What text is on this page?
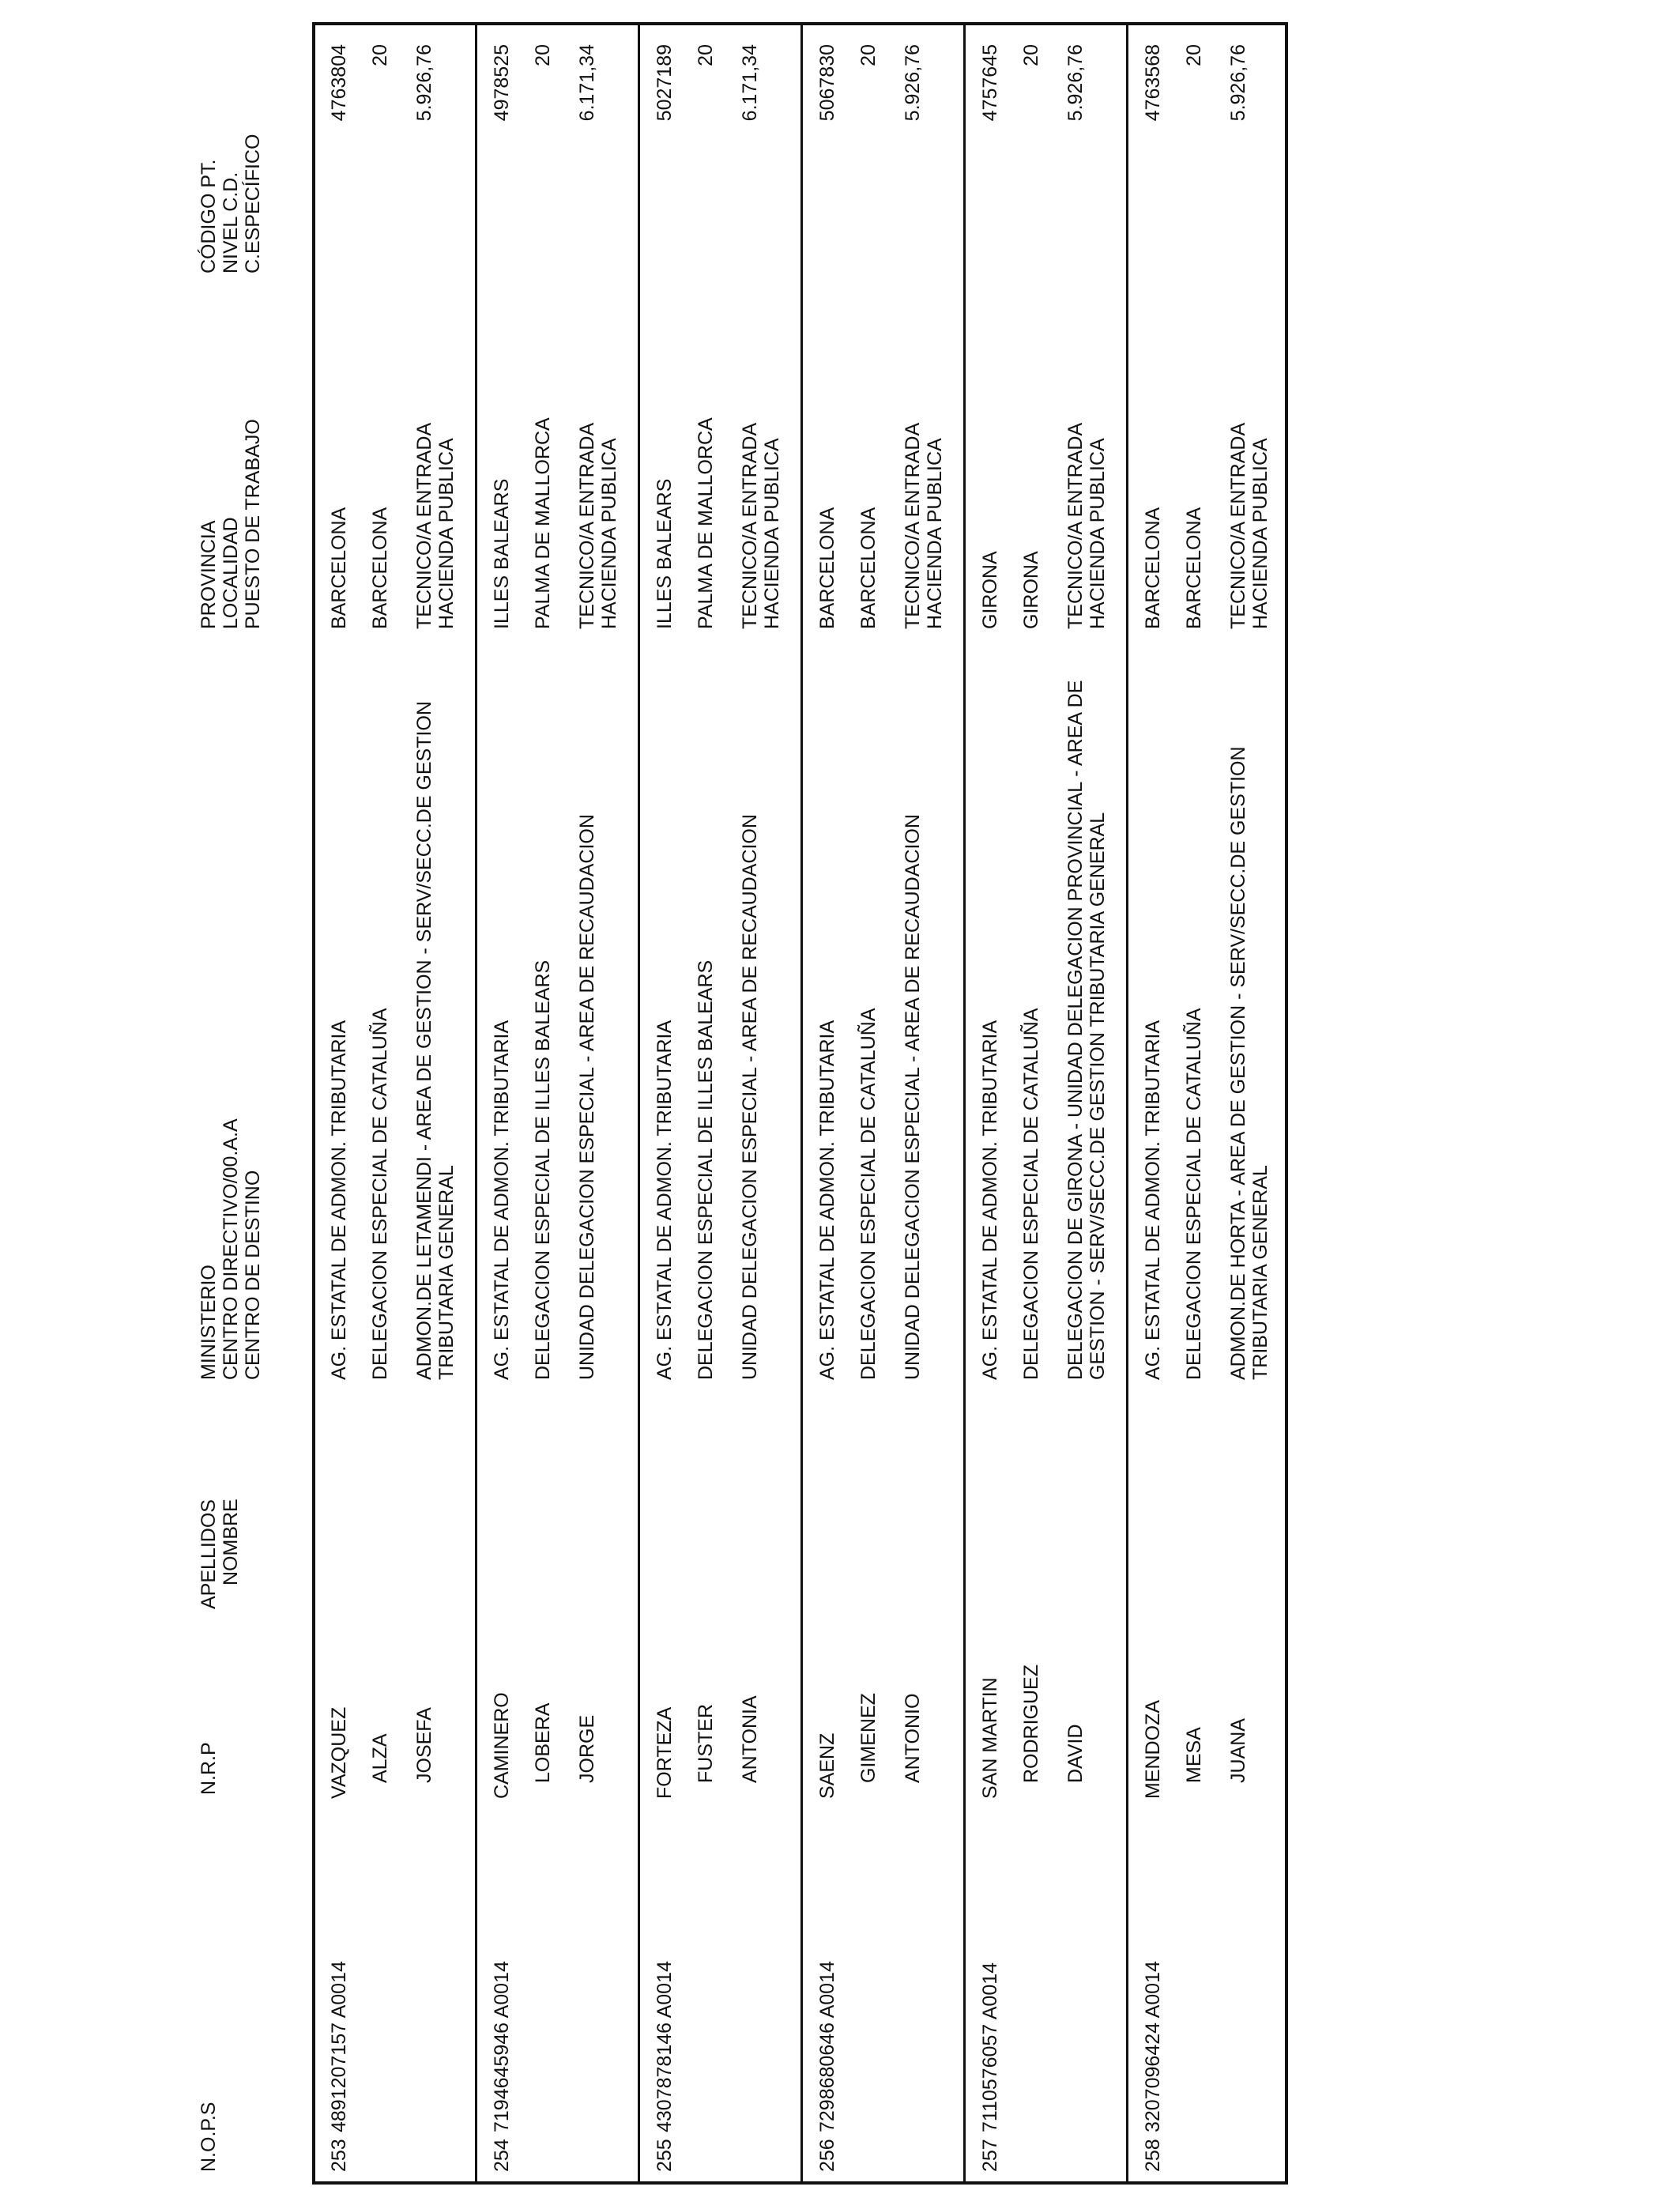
N.O.P.S
N.R.P
APELLIDOS NOMBRE
MINISTERIO CENTRO DIRECTIVO/00.A.A CENTRO DE DESTINO
PROVINCIA LOCALIDAD PUESTO DE TRABAJO
CÓDIGO PT. NIVEL C.D. C.ESPECÍFICO
253
4891207157 A0014
VAZQUEZ ALZA JOSEFA
AG. ESTATAL DE ADMON. TRIBUTARIA DELEGACION ESPECIAL DE CATALUÑA ADMON.DE LETAMENDI - AREA DE GESTION - SERV/SECC.DE GESTION TRIBUTARIA GENERAL
BARCELONA BARCELONA TECNICO/A ENTRADA HACIENDA PUBLICA
4763804 20 5.926,76
254
7194645946 A0014
CAMINERO LOBERA JORGE
AG. ESTATAL DE ADMON. TRIBUTARIA DELEGACION ESPECIAL DE ILLES BALEARS UNIDAD DELEGACION ESPECIAL - AREA DE RECAUDACION
ILLES BALEARS PALMA DE MALLORCA TECNICO/A ENTRADA HACIENDA PUBLICA
4978525 20 6.171,34
255
4307878146 A0014
FORTEZA FUSTER ANTONIA
AG. ESTATAL DE ADMON. TRIBUTARIA DELEGACION ESPECIAL DE ILLES BALEARS UNIDAD DELEGACION ESPECIAL - AREA DE RECAUDACION
ILLES BALEARS PALMA DE MALLORCA TECNICO/A ENTRADA HACIENDA PUBLICA
5027189 20 6.171,34
256
7298680646 A0014
SAENZ GIMENEZ ANTONIO
AG. ESTATAL DE ADMON. TRIBUTARIA DELEGACION ESPECIAL DE CATALUÑA UNIDAD DELEGACION ESPECIAL - AREA DE RECAUDACION
BARCELONA BARCELONA TECNICO/A ENTRADA HACIENDA PUBLICA
5067830 20 5.926,76
257
7110576057 A0014
SAN MARTIN RODRIGUEZ DAVID
AG. ESTATAL DE ADMON. TRIBUTARIA DELEGACION ESPECIAL DE CATALUÑA DELEGACION DE GIRONA - UNIDAD DELEGACION PROVINCIAL - AREA DE GESTION - SERV/SECC.DE GESTION TRIBUTARIA GENERAL
GIRONA GIRONA TECNICO/A ENTRADA HACIENDA PUBLICA
4757645 20 5.926,76
258
3207096424 A0014
MENDOZA MESA JUANA
AG. ESTATAL DE ADMON. TRIBUTARIA DELEGACION ESPECIAL DE CATALUÑA ADMON.DE HORTA - AREA DE GESTION - SERV/SECC.DE GESTION TRIBUTARIA GENERAL
BARCELONA BARCELONA TECNICO/A ENTRADA HACIENDA PUBLICA
4763568 20 5.926,76
